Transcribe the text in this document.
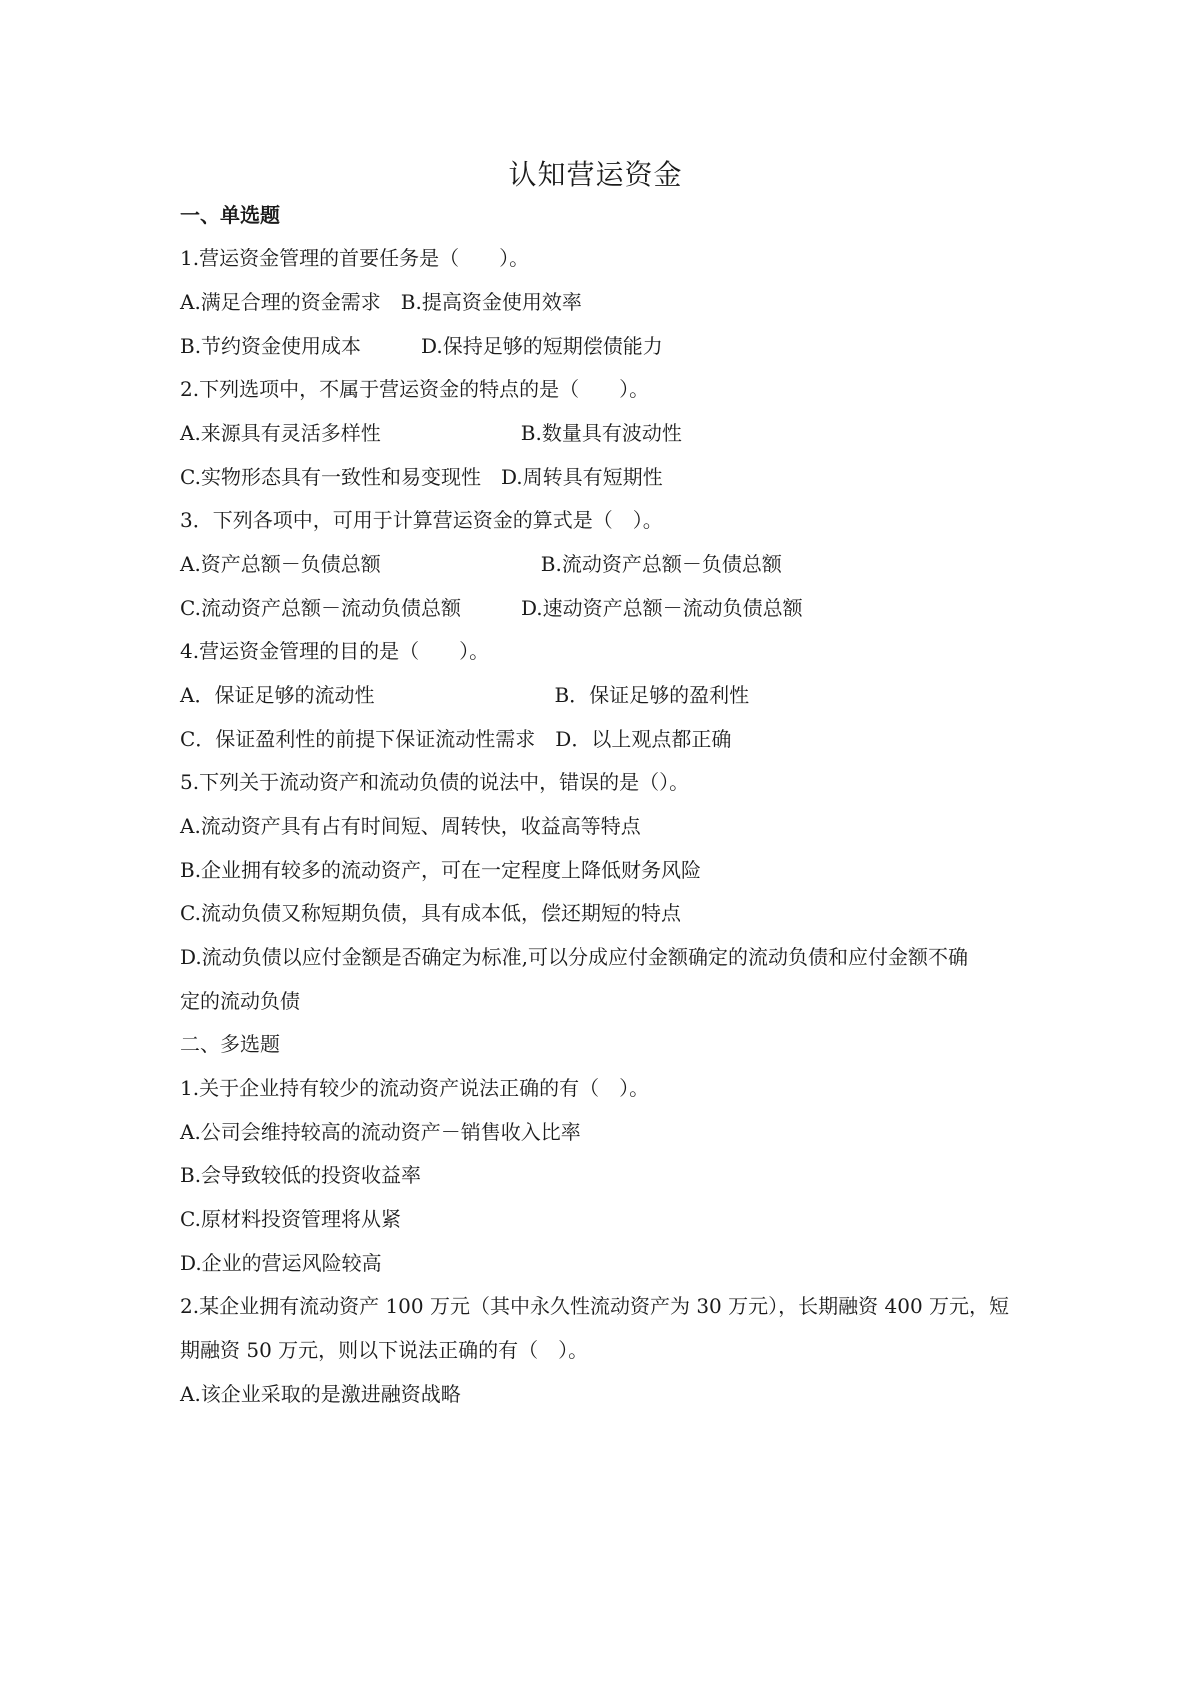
认知营运资金
一、单选题
1.营运资金管理的首要任务是（　　）。
A.满足合理的资金需求　B.提高资金使用效率
B.节约资金使用成本　　　D.保持足够的短期偿债能力
2.下列选项中，不属于营运资金的特点的是（　　）。
A.来源具有灵活多样性　　　　　　　B.数量具有波动性
C.实物形态具有一致性和易变现性　D.周转具有短期性
3．下列各项中，可用于计算营运资金的算式是（　）。
A.资产总额－负债总额　　　　　　　　B.流动资产总额－负债总额
C.流动资产总额－流动负债总额　　　D.速动资产总额－流动负债总额
4.营运资金管理的目的是（　　）。
A．保证足够的流动性　　　　　　　　　B．保证足够的盈利性
C．保证盈利性的前提下保证流动性需求　D．以上观点都正确
5.下列关于流动资产和流动负债的说法中，错误的是（）。
A.流动资产具有占有时间短、周转快，收益高等特点
B.企业拥有较多的流动资产，可在一定程度上降低财务风险
C.流动负债又称短期负债，具有成本低，偿还期短的特点
D.流动负债以应付金额是否确定为标准,可以分成应付金额确定的流动负债和应付金额不确
定的流动负债
二、多选题
1.关于企业持有较少的流动资产说法正确的有（　）。
A.公司会维持较高的流动资产－销售收入比率
B.会导致较低的投资收益率
C.原材料投资管理将从紧
D.企业的营运风险较高
2.某企业拥有流动资产 100 万元（其中永久性流动资产为 30 万元），长期融资 400 万元，短
期融资 50 万元，则以下说法正确的有（　）。
A.该企业采取的是激进融资战略
